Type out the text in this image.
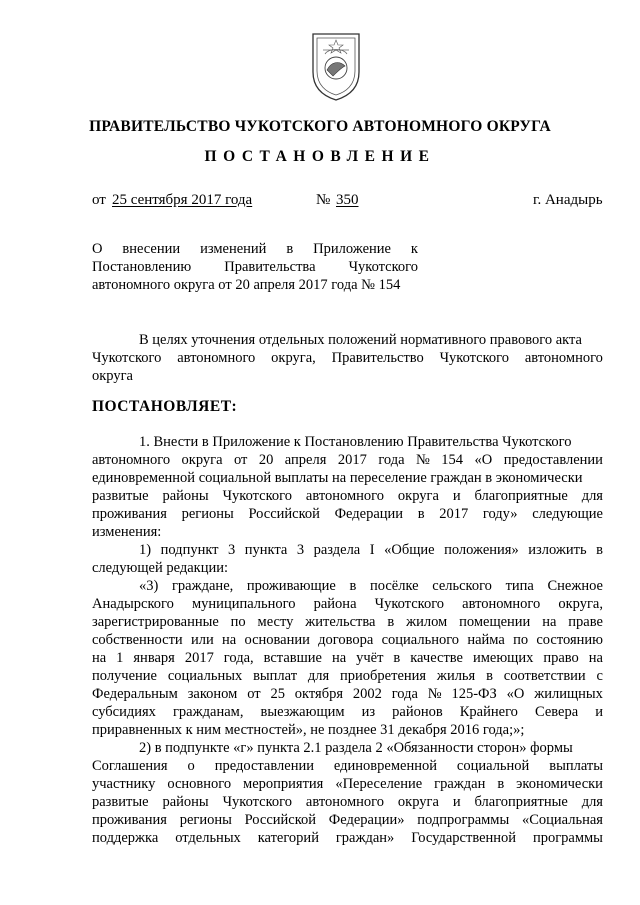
ПРАВИТЕЛЬСТВО ЧУКОТСКОГО АВТОНОМНОГО ОКРУГА
ПОСТАНОВЛЕНИЕ
от 25 сентября 2017 года	№ 350	г. Анадырь
О внесении изменений в Приложение к
Постановлению Правительства Чукотского
автономного округа от 20 апреля 2017 года № 154
В целях уточнения отдельных положений нормативного правового акта
Чукотского автономного округа, Правительство Чукотского автономного
округа
ПОСТАНОВЛЯЕТ:
1. Внести в Приложение к Постановлению Правительства Чукотского
автономного округа от 20 апреля 2017 года № 154 «О предоставлении
единовременной социальной выплаты на переселение граждан в экономически
развитые районы Чукотского автономного округа и благоприятные для
проживания регионы Российской Федерации в 2017 году» следующие
изменения:
1) подпункт 3 пункта 3 раздела I «Общие положения» изложить в
следующей редакции:
«3) граждане, проживающие в посёлке сельского типа Снежное
Анадырского муниципального района Чукотского автономного округа,
зарегистрированные по месту жительства в жилом помещении на праве
собственности или на основании договора социального найма по состоянию
на 1 января 2017 года, вставшие на учёт в качестве имеющих право на
получение социальных выплат для приобретения жилья в соответствии с
Федеральным законом от 25 октября 2002 года № 125-ФЗ «О жилищных
субсидиях гражданам, выезжающим из районов Крайнего Севера и
приравненных к ним местностей», не позднее 31 декабря 2016 года;»;
2) в подпункте «г» пункта 2.1 раздела 2 «Обязанности сторон» формы
Соглашения о предоставлении единовременной социальной выплаты
участнику основного мероприятия «Переселение граждан в экономически
развитые районы Чукотского автономного округа и благоприятные для
проживания регионы Российской Федерации» подпрограммы «Социальная
поддержка отдельных категорий граждан» Государственной программы
